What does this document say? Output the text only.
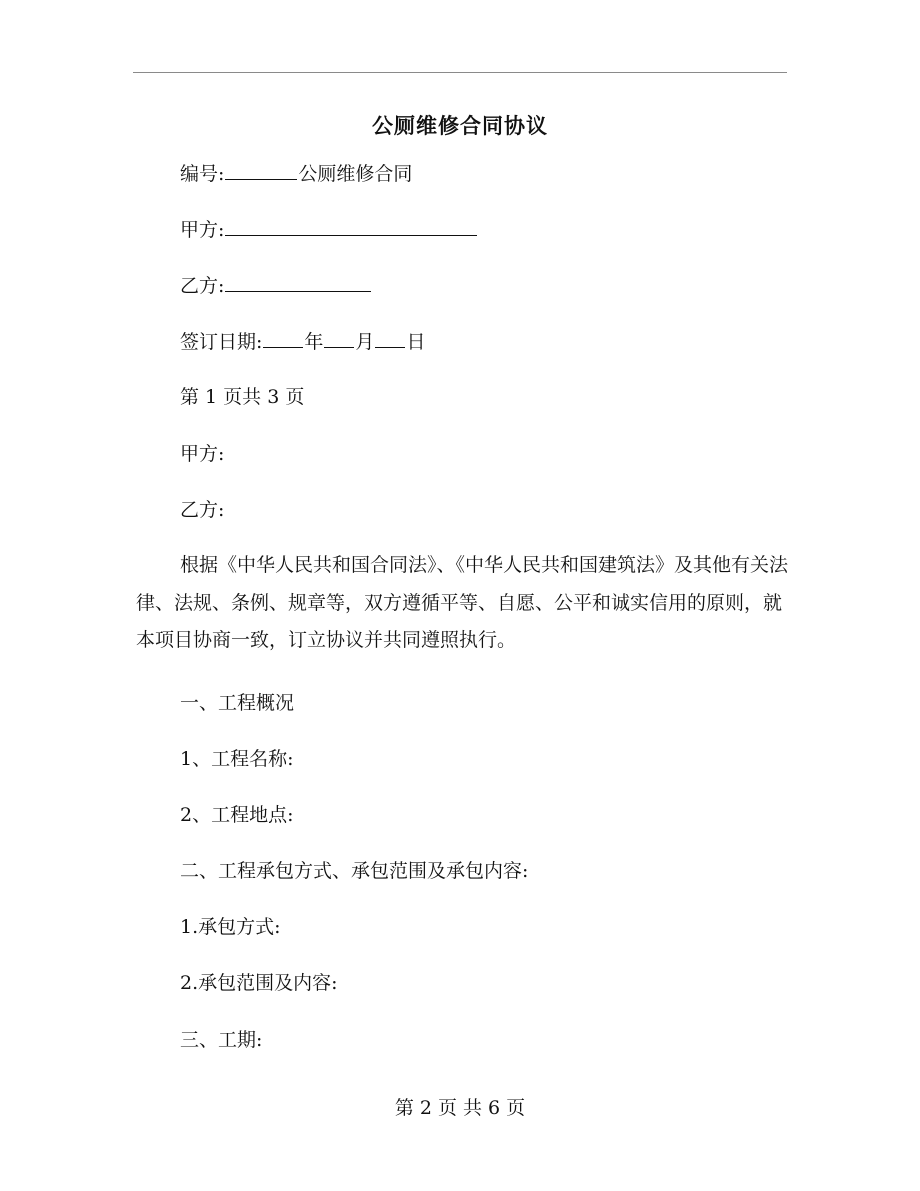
公厕维修合同协议
编号:	公厕维修合同
甲方:
乙方:
签订日期: 年 月 日
第 1 页共 3 页
甲方:
乙方:
根据《中华人民共和国合同法》、《中华人民共和国建筑法》及其他有关法律、法规、条例、规章等，双方遵循平等、自愿、公平和诚实信用的原则，就本项目协商一致，订立协议并共同遵照执行。
一、工程概况
1、工程名称:
2、工程地点:
二、工程承包方式、承包范围及承包内容:
1.承包方式:
2.承包范围及内容:
三、工期:
第 2 页 共 6 页
